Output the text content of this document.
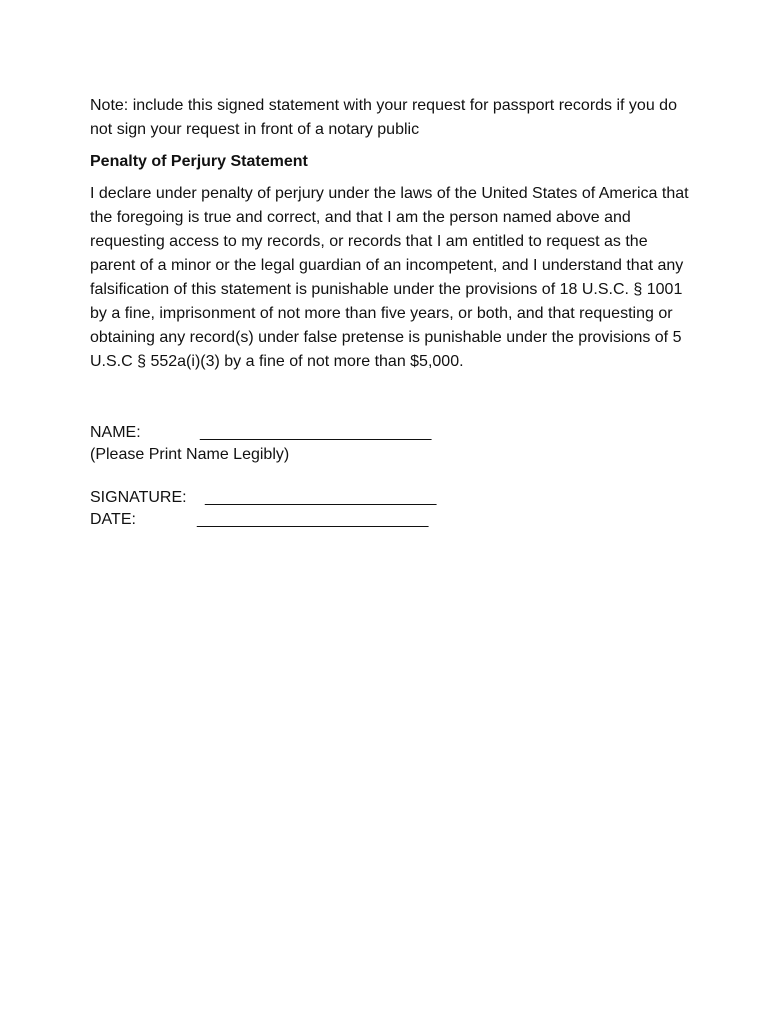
Note: include this signed statement with your request for passport records if you do not sign your request in front of a notary public

Penalty of Perjury Statement

I declare under penalty of perjury under the laws of the United States of America that the foregoing is true and correct, and that I am the person named above and requesting access to my records, or records that I am entitled to request as the parent of a minor or the legal guardian of an incompetent, and I understand that any falsification of this statement is punishable under the provisions of 18 U.S.C. § 1001 by a fine, imprisonment of not more than five years, or both, and that requesting or obtaining any record(s) under false pretense is punishable under the provisions of 5 U.S.C § 552a(i)(3) by a fine of not more than $5,000.

NAME:	__________________________
(Please Print Name Legibly)
SIGNATURE: __________________________
DATE:	__________________________
